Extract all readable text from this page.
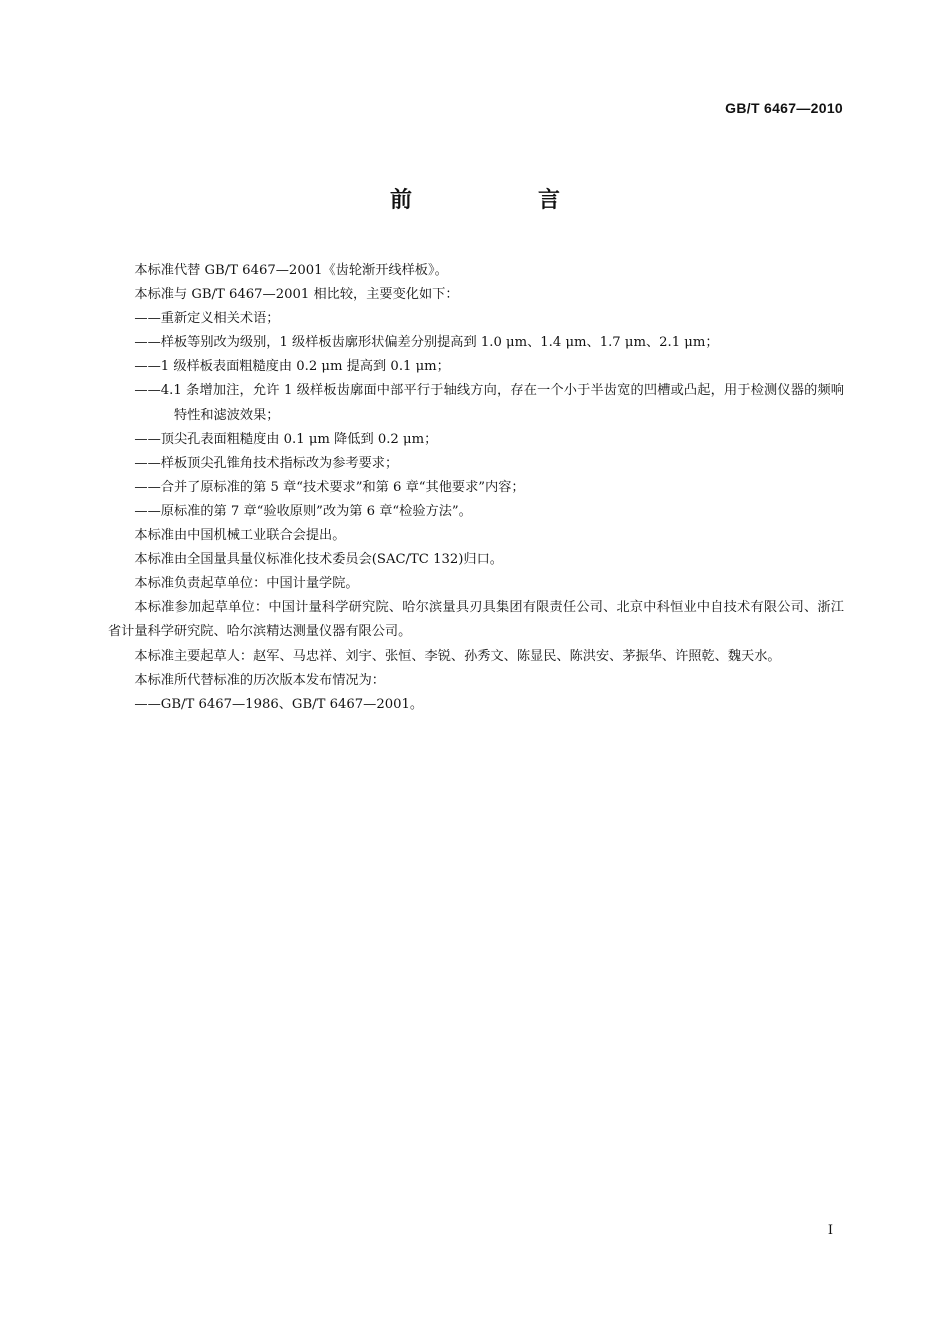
GB/T 6467—2010
前　言

本标准代替 GB/T 6467—2001《齿轮渐开线样板》。

本标准与 GB/T 6467—2001 相比较，主要变化如下：

——重新定义相关术语；

——样板等别改为级别，1 级样板齿廓形状偏差分别提高到 1.0 μm、1.4 μm、1.7 μm、2.1 μm；

——1 级样板表面粗糙度由 0.2 μm 提高到 0.1 μm；

——4.1 条增加注，允许 1 级样板齿廓面中部平行于轴线方向，存在一个小于半齿宽的凹槽或凸起，用于检测仪器的频响特性和滤波效果；

——顶尖孔表面粗糙度由 0.1 μm 降低到 0.2 μm；

——样板顶尖孔锥角技术指标改为参考要求；

——合并了原标准的第 5 章“技术要求”和第 6 章“其他要求”内容；

——原标准的第 7 章“验收原则”改为第 6 章“检验方法”。

本标准由中国机械工业联合会提出。

本标准由全国量具量仪标准化技术委员会(SAC/TC 132)归口。

本标准负责起草单位：中国计量学院。

本标准参加起草单位：中国计量科学研究院、哈尔滨量具刃具集团有限责任公司、北京中科恒业中自技术有限公司、浙江省计量科学研究院、哈尔滨精达测量仪器有限公司。

本标准主要起草人：赵军、马忠祥、刘宇、张恒、李锐、孙秀文、陈显民、陈洪安、茅振华、许照乾、魏天水。

本标准所代替标准的历次版本发布情况为：

——GB/T 6467—1986、GB/T 6467—2001。

I
